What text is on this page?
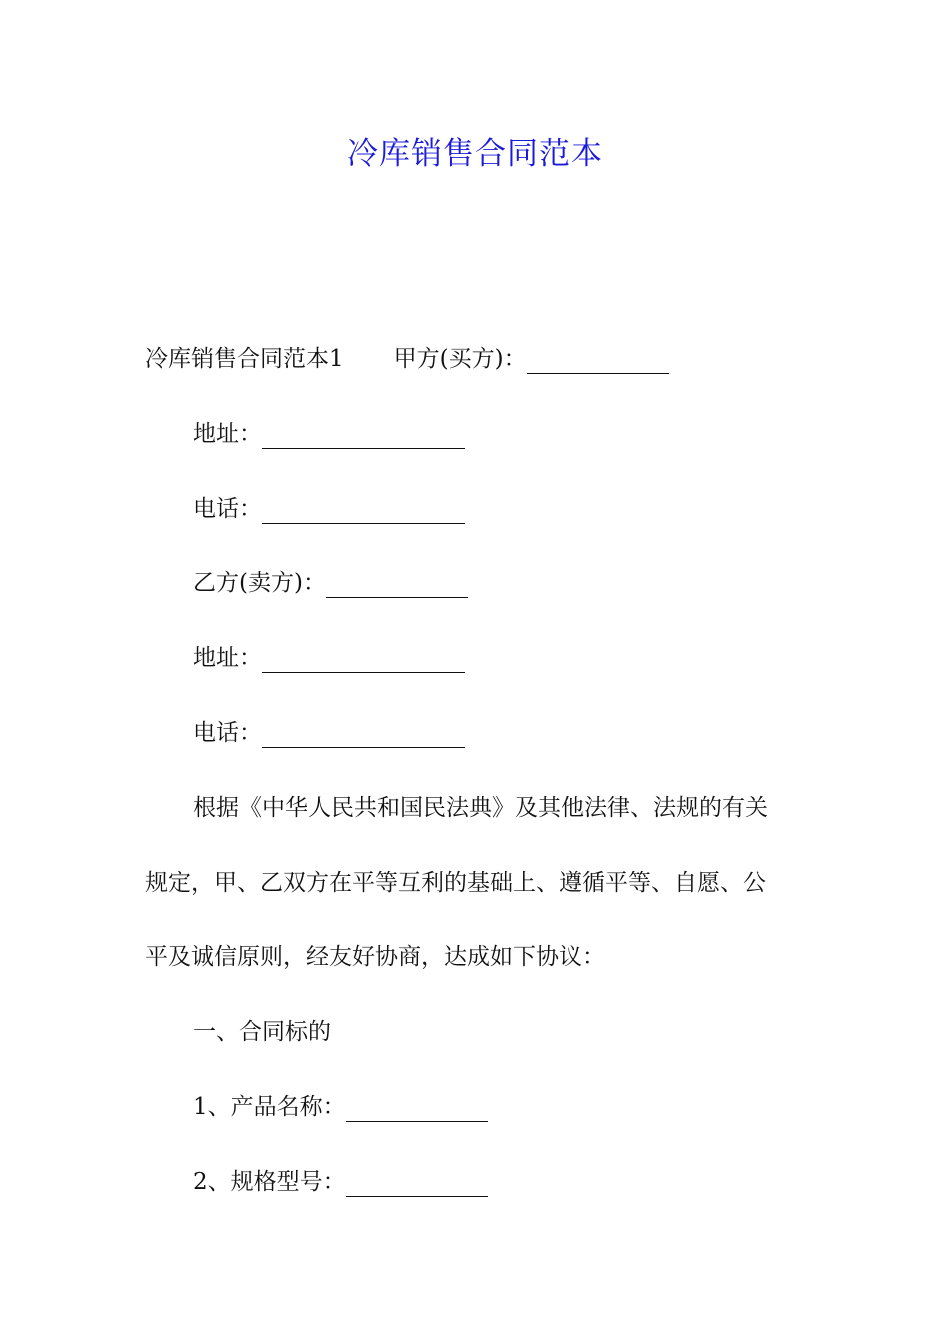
冷库销售合同范本
冷库销售合同范本1 甲方(买方)：
地址：
电话：
乙方(卖方)：
地址：
电话：
根据《中华人民共和国民法典》及其他法律、法规的有关
规定，甲、乙双方在平等互利的基础上、遵循平等、自愿、公
平及诚信原则，经友好协商，达成如下协议：
一、合同标的
1、产品名称：
2、规格型号：
